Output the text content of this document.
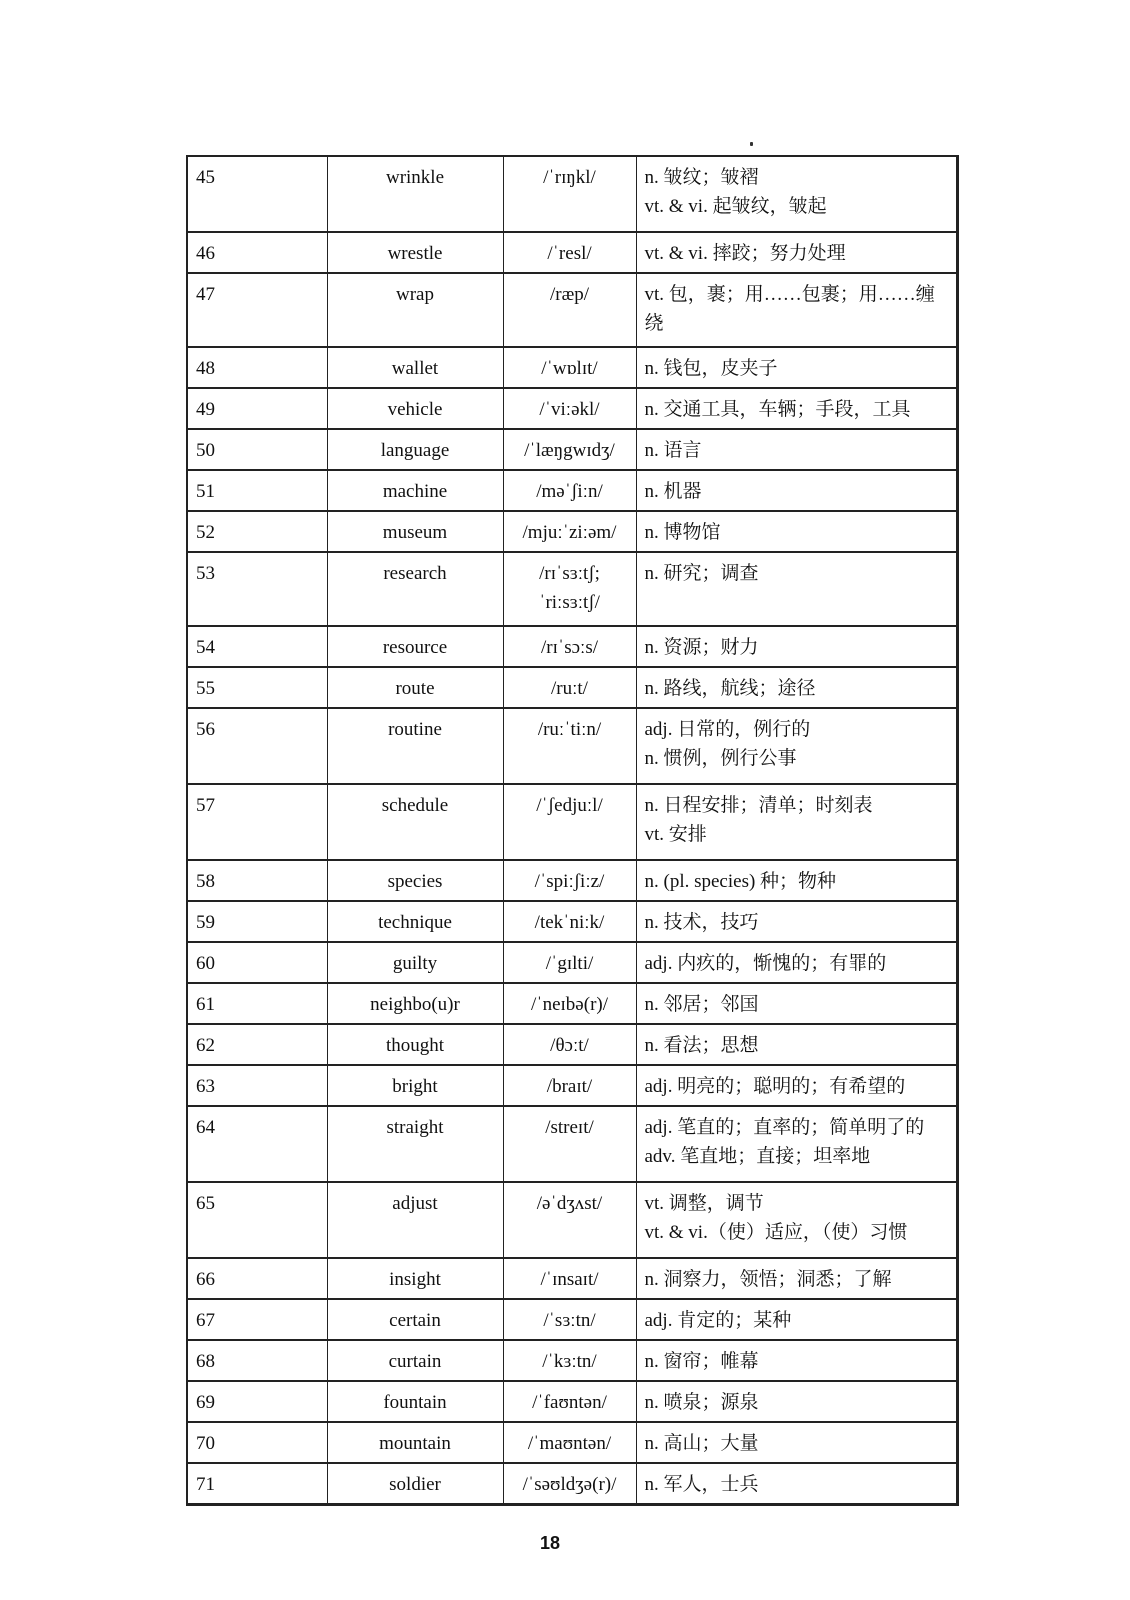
45	wrinkle	/ˈrɪŋkl/	n. 皱纹；皱褶
vt. & vi. 起皱纹，皱起
46	wrestle	/ˈresl/	vt. & vi. 摔跤；努力处理
47	wrap	/ræp/	vt. 包，裹；用……包裹；用……缠绕
48	wallet	/ˈwɒlɪt/	n. 钱包，皮夹子
49	vehicle	/ˈviːəkl/	n. 交通工具，车辆；手段，工具
50	language	/ˈlæŋgwɪdʒ/	n. 语言
51	machine	/məˈʃiːn/	n. 机器
52	museum	/mjuːˈziːəm/	n. 博物馆
53	research	/rɪˈsɜːtʃ;
ˈriːsɜːtʃ/	n. 研究；调查
54	resource	/rɪˈsɔːs/	n. 资源；财力
55	route	/ruːt/	n. 路线，航线；途径
56	routine	/ruːˈtiːn/	adj. 日常的，例行的
n. 惯例，例行公事
57	schedule	/ˈʃedjuːl/	n. 日程安排；清单；时刻表
vt. 安排
58	species	/ˈspiːʃiːz/	n. (pl. species) 种；物种
59	technique	/tekˈniːk/	n. 技术，技巧
60	guilty	/ˈgɪlti/	adj. 内疚的，惭愧的；有罪的
61	neighbo(u)r	/ˈneɪbə(r)/	n. 邻居；邻国
62	thought	/θɔːt/	n. 看法；思想
63	bright	/braɪt/	adj. 明亮的；聪明的；有希望的
64	straight	/streɪt/	adj. 笔直的；直率的；简单明了的
adv. 笔直地；直接；坦率地
65	adjust	/əˈdʒʌst/	vt. 调整，调节
vt. & vi.（使）适应，（使）习惯
66	insight	/ˈɪnsaɪt/	n. 洞察力，领悟；洞悉；了解
67	certain	/ˈsɜːtn/	adj. 肯定的；某种
68	curtain	/ˈkɜːtn/	n. 窗帘；帷幕
69	fountain	/ˈfaʊntən/	n. 喷泉；源泉
70	mountain	/ˈmaʊntən/	n. 高山；大量
71	soldier	/ˈsəʊldʒə(r)/	n. 军人，士兵
18
